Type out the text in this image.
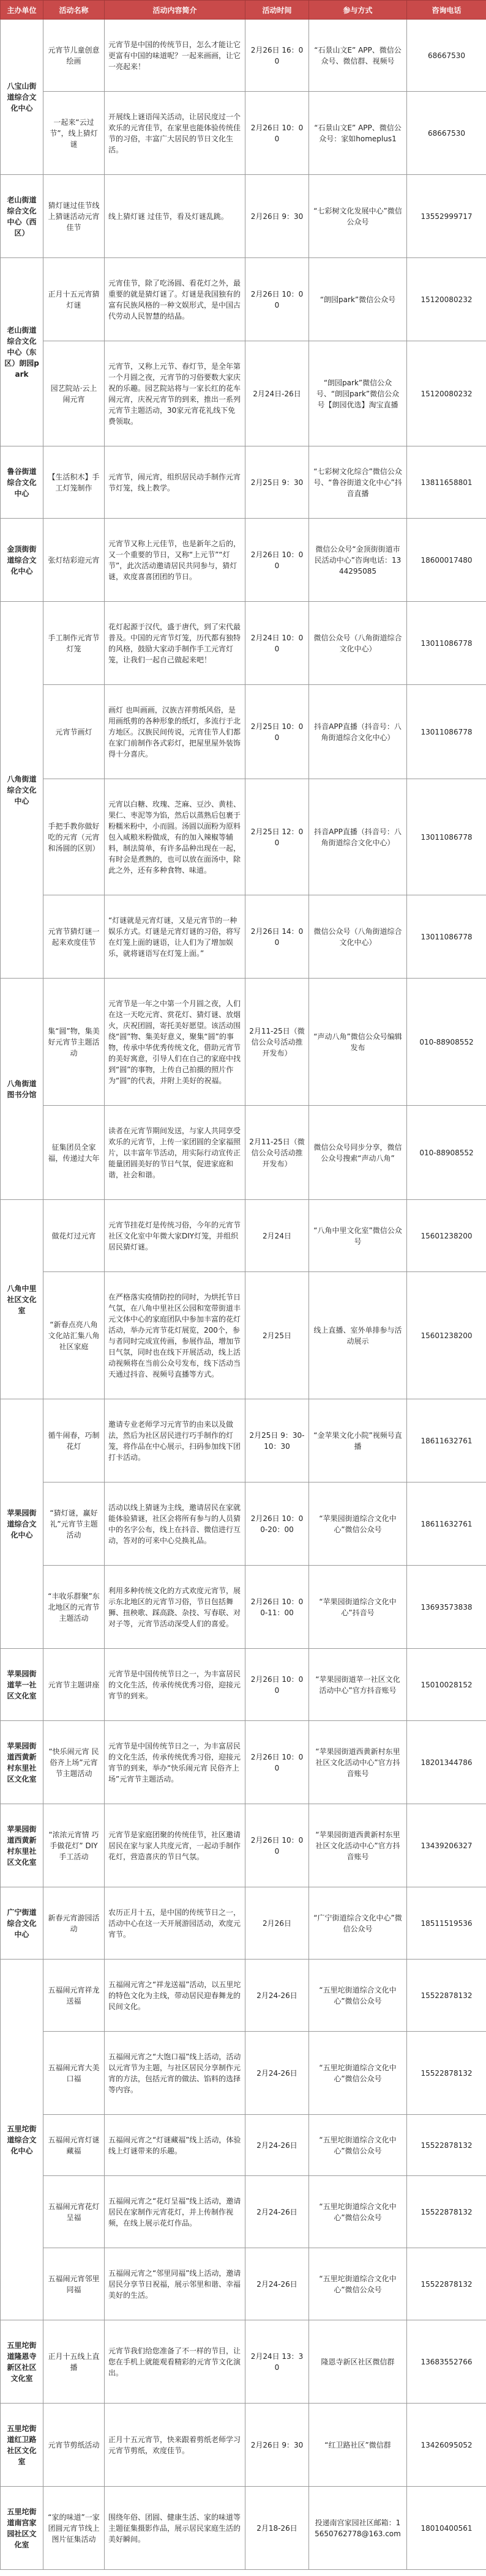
主办单位	活动名称	活动内容简介	活动时间	参与方式	咨询电话
八宝山街道综合文化中心	元宵节儿童创意绘画	元宵节是中国的传统节日，怎么才能让它更富有中国的味道呢？一起来画画，让它一亮起来！	2月26日 16：00	“石景山文E” APP、微信公众号、微信群、视频号	68667530
	一起来“云过节”，线上猜灯谜	开展线上谜语闯关活动，让居民度过一个欢乐的元宵佳节，在家里也能体验传统佳节的习俗，丰富广大居民的节日文化生活。	2月26日 10：00	“石景山文E” APP、微信公众号：家如homeplus1	68667530
老山街道综合文化中心（西区）	猜灯谜过佳节线上猜谜活动元宵佳节	线上猜灯谜 过佳节，看及灯谜乱跳。	2月26日 9：30	“七彩树文化发展中心”微信公众号	13552999717
老山街道综合文化中心（东区）朗园park	正月十五元宵猜灯谜	元宵佳节，除了吃汤圆、看花灯之外，最重要的就是猜灯谜了。灯谜是我国独有的富有民族风格的一种文娱形式，是中国古代劳动人民智慧的结晶。	2月26日 10：00	“朗园park”微信公众号	15120080232
	园艺院站·云上闹元宵	元宵节，又称上元节、春灯节，是全年第一个月圆之夜，元宵节的习俗要数大家庆祝的乐趣。园艺院站将与一家长红的花车闹元宵，庆祝元宵节的到来，推出一系列元宵节主题活动，30家元宵花礼线下免费领取。	2月24日-26日	“朗园park”微信公众号、“朗园park”微信公众号【朗园优选】淘宝直播	15120080232
鲁谷街道综合文化中心	【生活积木】手工灯笼制作	元宵节，闹元宵，组织居民动手制作元宵节灯笼，线上教学。	2月25日 9：30	“七彩树文化综合”微信公众号、“鲁谷街道文化中心”抖音直播	13811658801
金顶街街道综合文化中心	张灯结彩迎元宵	元宵节又称上元佳节，也是新年之后的，又一个重要的节日，又称“上元节”“灯节”，此次活动邀请居民共同参与，猜灯谜，欢度喜喜团团的节日。	2月26日 10：00	微信公众号“金顶街街道市民活动中心”咨询电话：1344295085	18600017480
八角街道综合文化中心	手工制作元宵节灯笼	花灯起源于汉代，盛于唐代，到了宋代最普及。中国的元宵节灯笼，历代都有独特的风格，鼓励大家动手制作手工元宵灯笼，让我们一起自己做起来吧！	2月24日 10：00	微信公众号（八角街道综合文化中心）	13011086778
	元宵节画灯	画灯 也叫画画，汉族吉祥剪纸风俗，是用画纸剪的各种形象的纸灯，多流行于北方地区。汉族民间传说，元宵佳节人们都在家门前制作各式彩灯，把屋里屋外装饰得十分喜庆。	2月25日 10：00	抖音APP直播（抖音号：八角街道综合文化中心）	13011086778
	手把手教你做好吃的元宵（元宵和汤圆的区别）	元宵以白糖、玫瑰、芝麻、豆沙、黄桂、果仁、枣泥等为馅，然后以蒸熟后包裹于粉糯米粉中，小而圆。汤圆以面粉为原料包入咸粮米粉做成，有的加入辣椒等辅料，制法简单，有许多品种出现在一起，有时会是煮熟的，也可以放在面汤中，除此之外，还有多种食物、味道。	2月25日 12：00	抖音APP直播（抖音号：八角街道综合文化中心）	13011086778
	元宵节猜灯谜一起来欢度佳节	“灯谜就是元宵灯谜，又是元宵节的一种娱乐方式。灯谜是元宵灯谜的习俗，将写在灯笼上面的谜语，让人们为了增加娱乐，就将谜语写在灯笼上面。”	2月26日 14：00	微信公众号（八角街道综合文化中心）	13011086778
八角街道图书分馆	集“圆”物，集美好元宵节主题活动	元宵节是一年之中第一个月圆之夜，人们在这一天吃元宵、赏花灯、猜灯谜、放烟火，庆祝团圆，寄托美好愿望。该活动围绕“圆”物、集美好意义，聚集“圆”的事物，传承中华优秀传统文化，借助元宵节的美好寓意，引导人们在自己的家庭中找到“圆”的事物，上传自己拍摄的照片作为“圆”的代表，并附上美好的祝福。	2月11-25日（微信公众号活动推开发布）	“声动八角”微信公众号编辑发布	010-88908552
	征集团员全家福，传递过大年	读者在元宵节期间发送，与家人共同享受欢乐的元宵节，上传一家团圆的全家福照片，以丰富年节活动，用实际行动宣传正能量团圆美好的节日气氛，促进家庭和谐，社会和谐。	2月11-25日（微信公众号活动推开发布）	微信公众号同步分享，微信公众号搜索“声动八角”	010-88908552
八角中里社区文化室	做花灯过元宵	元宵节挂花灯是传统习俗，今年的元宵节社区文化室中年微大家DIY灯笼，并组织居民猜灯谜。	2月24日	“八角中里文化室”微信公众号	15601238200
	“新春点亮八角文化站汇集八角社区家庭	在严格落实疫情防控的同时，为烘托节日气氛，在八角中里社区公园和宽带街道丰元文体中心的家庭团队中参加丰富的花灯活动，举办元宵节花灯展览，200个，参与者同时完成宣传画，参展作品，增加节日气氛，同时也在线下开展活动，线上活动视频将在当前公众号发布，线下活动当天通过抖音、视频号直播等方式。	2月25日	线上直播、室外单排参与活动展示	15601238200
苹果园街道综合文化中心	循牛闹春，巧制花灯	邀请专业老师学习元宵节的由来以及做法，然后为社区居民进行巧手制作的灯笼，将作品在中心展示，扫码参加线下团打卡活动。	2月25日 9：30-10：30	“金苹果文化小院”视频号直播	18611632761
	“猜灯谜，赢好礼”元宵节主题活动	活动以线上猜谜为主线，邀请居民在家就能体验猜谜，社区会将所有参与的人员猜中的名字公布，线上在抖音、微信进行互动，答对的可来中心兑换礼品。	2月26日 10：00-20：00	“苹果园街道综合文化中心”微信公众号	18611632761
	“丰收乐群聚”东北地区的元宵节主题活动	利用多种传统文化的方式欢度元宵节，展示东北地区的元宵节习俗，节日包括舞狮、扭秧歌、踩高跷、杂技、写春联、对对子等，元宵节活动深受人们的喜爱。	2月26日 10：00-11：00	“苹果园街道综合文化中心”抖音号	13693573838
苹果园街道苹一社区文化室	元宵节主题讲座	元宵节是中国传统节日之一，为丰富居民的文化生活，传承传统优秀习俗，迎接元宵节的到来。	2月26日 10：00	“苹果园街道苹一社区文化活动中心”官方抖音账号	15010028152
苹果园街道西黄新村东里社区文化室	“快乐闹元宵 民俗齐上场”元宵节主题活动	元宵节是中国传统节日之一，为丰富居民的文化生活，传承传统优秀习俗，迎接元宵节的到来，举办“快乐闹元宵 民俗齐上场”元宵节主题活动。	2月26日 10：00	“苹果园街道西黄新村东里社区文化活动中心”官方抖音账号	18201344786
苹果园街道西黄新村东里社区文化室	“浓浓元宵情 巧手做花灯” DIY手工活动	元宵节是家庭团聚的传统佳节，社区邀请居民在家与家人共度元宵，一起动手制作花灯，营造喜庆的节日气氛。	2月26日 10：00	“苹果园街道西黄新村东里社区文化活动中心”官方抖音账号	13439206327
广宁街道综合文化中心	新春元宵游园活动	农历正月十五，是中国的传统节日之一，活动中心在这一天开展游园活动，欢度元宵节。	2月26日	“广宁街道综合文化中心”微信公众号	18511519536
五里坨街道综合文化中心	五福闹元宵祥龙送福	五福闹元宵之“祥龙送福”活动，以五里坨的特色文化为主线，带动居民迎春舞龙的民间文化。	2月24-26日	“五里坨街道综合文化中心”微信公众号	15522878132
	五福闹元宵大美口福	五福闹元宵之“大饱口福”线上活动，活动以元宵节为主题，与社区居民分享制作元宵的方法，包括元宵的做法、馅料的选择等内容。	2月24-26日	“五里坨街道综合文化中心”微信公众号	15522878132
	五福闹元宵灯谜藏福	五福闹元宵之“灯谜藏福”线上活动，体验线上灯谜带来的乐趣。	2月24-26日	“五里坨街道综合文化中心”微信公众号	15522878132
	五福闹元宵花灯呈福	五福闹元宵之“花灯呈福”线上活动，邀请居民在家制作元宵花灯，并上传制作视频，在线上展示花灯作品。	2月24-26日	“五里坨街道综合文化中心”微信公众号	15522878132
	五福闹元宵邻里同福	五福闹元宵之“邻里同福”线上活动，邀请居民分享节日祝福，展示邻里和谐、幸福美好的生活。	2月24-26日	“五里坨街道综合文化中心”微信公众号	15522878132
五里坨街道隆恩寺新区社区文化室	正月十五线上直播	元宵节我们给您准备了不一样的节目，让您在手机上就能观看精彩的元宵节文化演出。	2月24日 13：30	隆恩寺新区社区微信群	13683552766
五里坨街道红卫路社区文化室	元宵节剪纸活动	正月十五元宵节，快来跟着剪纸老师学习元宵节剪纸，欢度佳节。	2月26日 9：30	“红卫路社区”微信群	13426095052
五里坨街道南宫家园社区文化室	“家的味道”一家团圆元宵节线上图片征集活动	围绕年俗、团圆、健康生活、家的味道等主题征集摄影作品，展示居民家庭生活的美好瞬间。	2月18-26日	投递南宫家园社区邮箱：15650762778@163.com	18010400561
